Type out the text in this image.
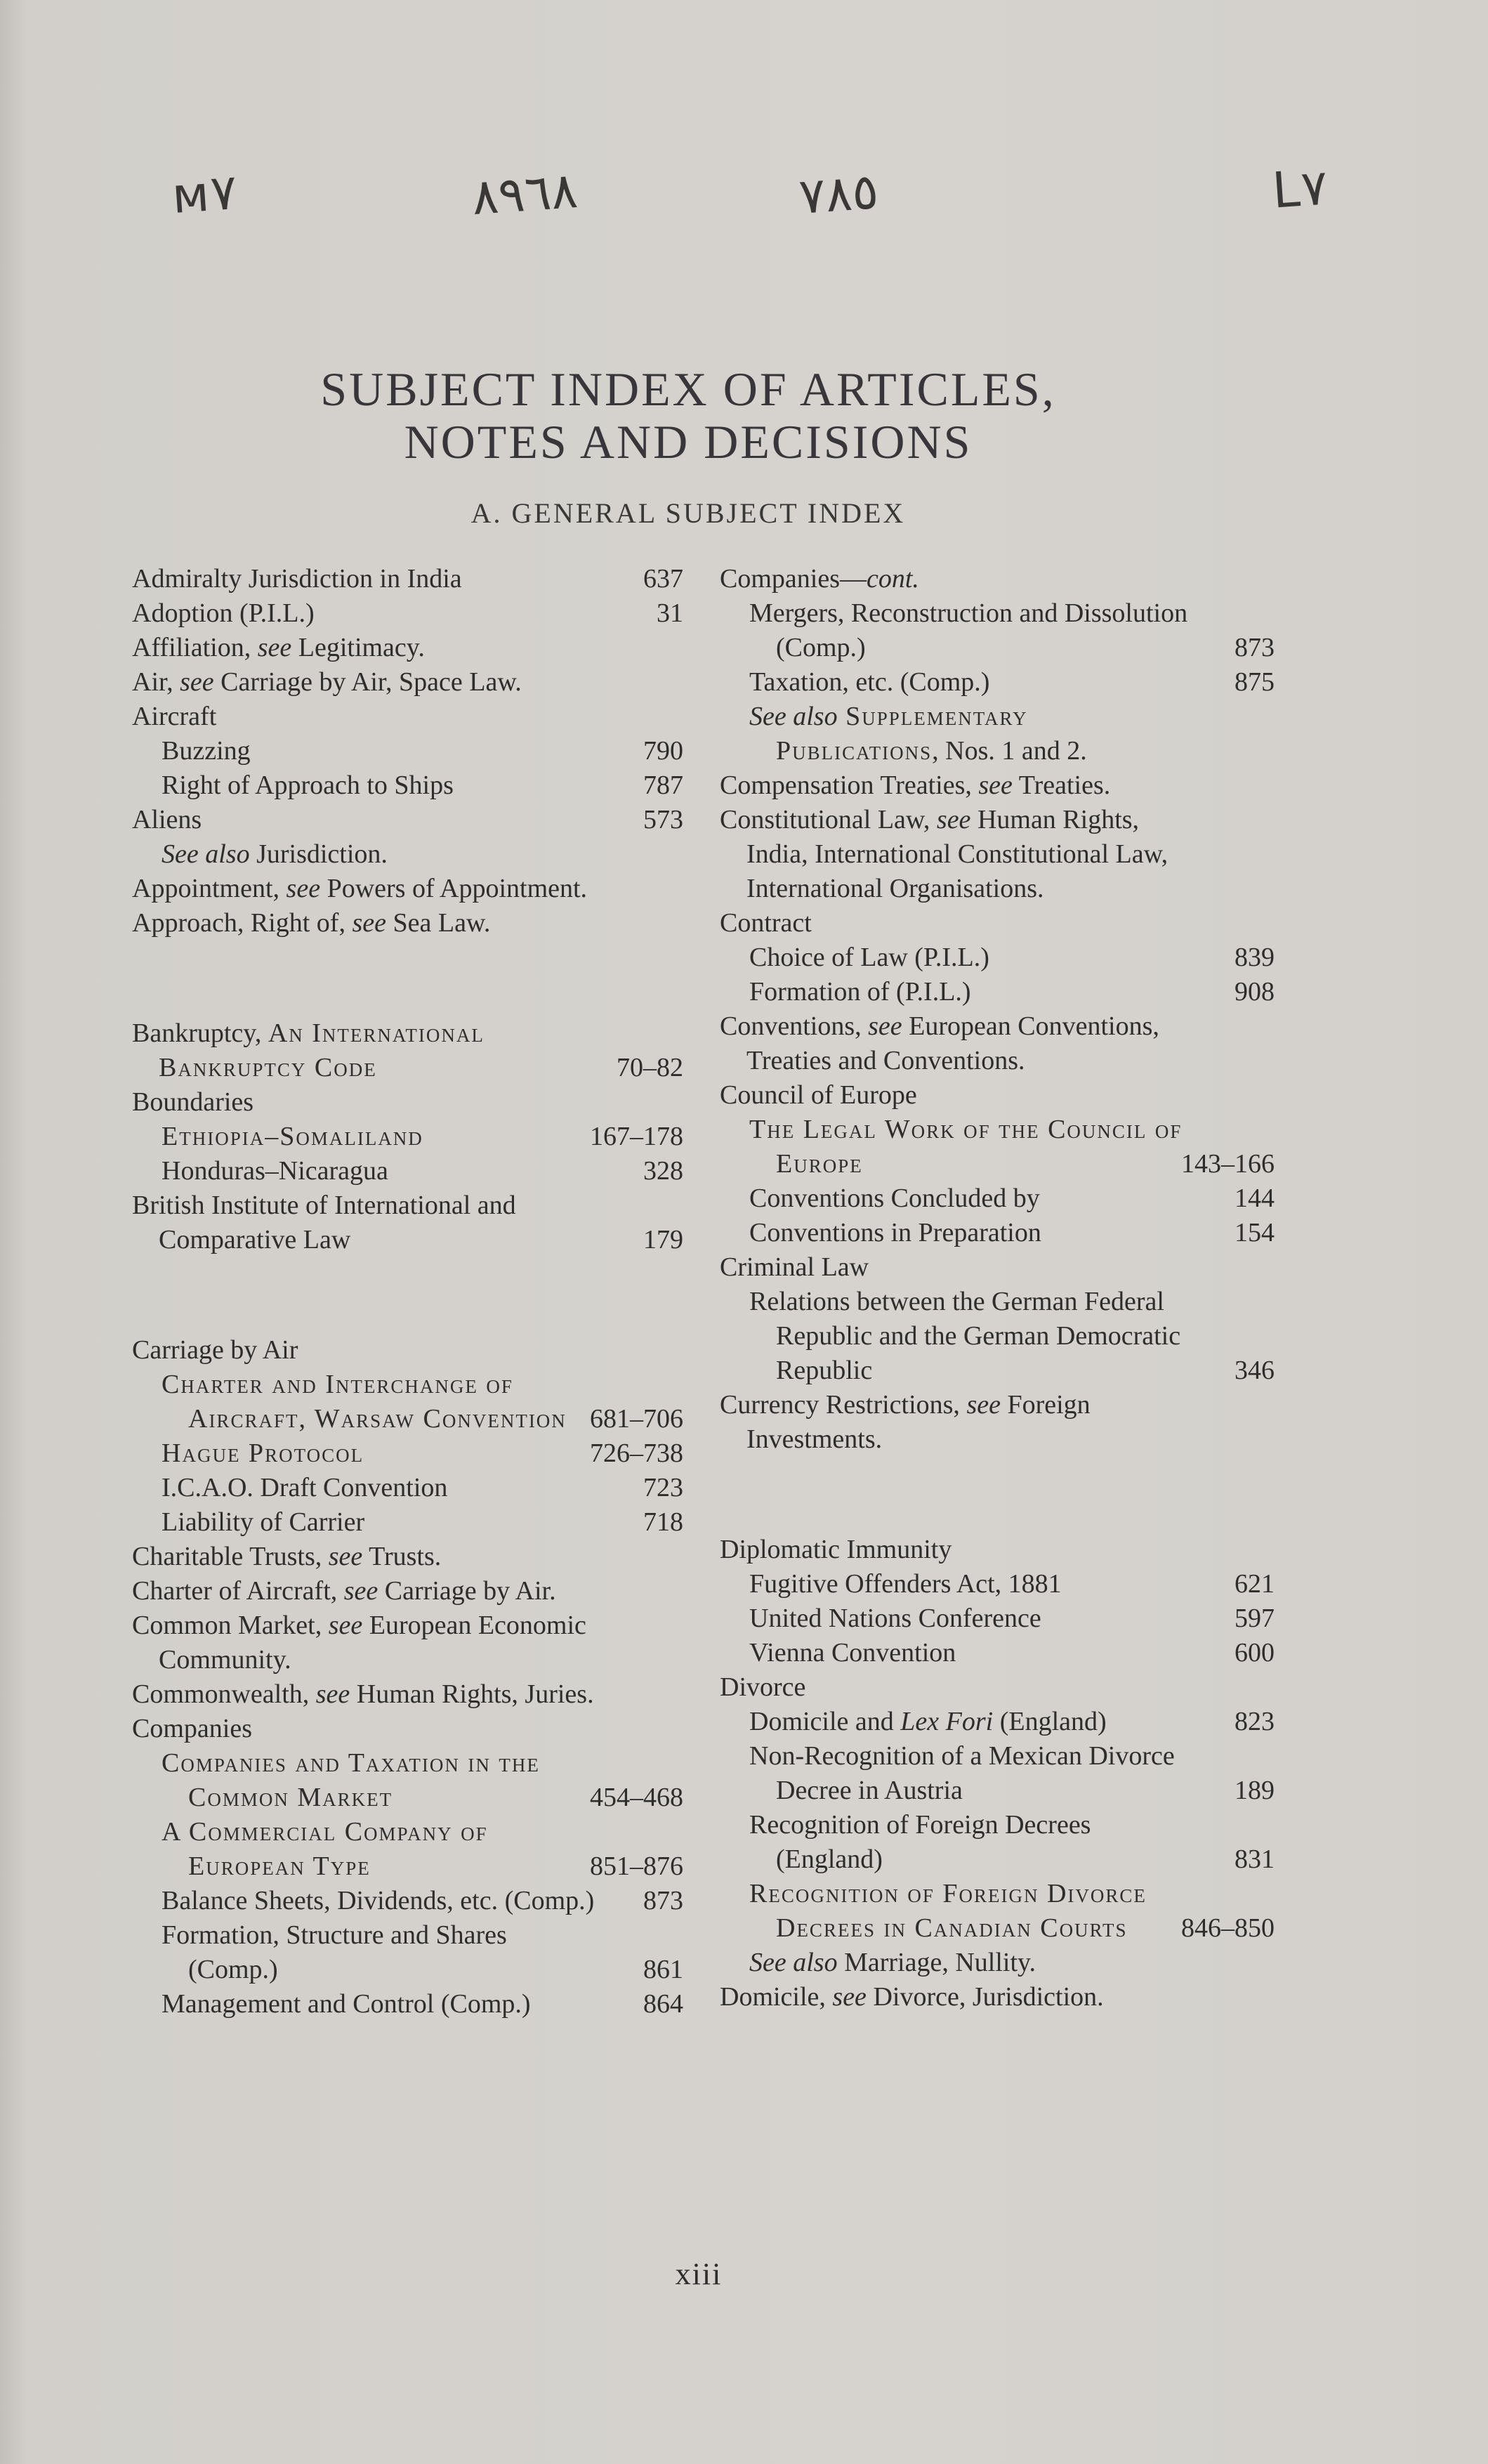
ᴍ٧	٨٩٦٨	٧٨٥	L٧
SUBJECT INDEX OF ARTICLES,
NOTES AND DECISIONS
A. GENERAL SUBJECT INDEX

Admiralty Jurisdiction in India	637

Adoption (P.I.L.)	31

Affiliation, see Legitimacy.

Air, see Carriage by Air, Space Law.

Aircraft

Buzzing	790

Right of Approach to Ships	787

Aliens	573

See also Jurisdiction.

Appointment, see Powers of Appointment.

Approach, Right of, see Sea Law.

Bankruptcy, An International Bankruptcy Code	70–82

Boundaries

Ethiopia–Somaliland	167–178

Honduras–Nicaragua	328

British Institute of International and Comparative Law	179

Carriage by Air

Charter and Interchange of Aircraft, Warsaw Convention 681–706

Hague Protocol	726–738

I.C.A.O. Draft Convention	723

Liability of Carrier	718

Charitable Trusts, see Trusts.

Charter of Aircraft, see Carriage by Air.

Common Market, see European Economic Community.

Commonwealth, see Human Rights, Juries.

Companies

Companies and Taxation in the Common Market	454–468

A Commercial Company of European Type	851–876

Balance Sheets, Dividends, etc. (Comp.)	873

Formation, Structure and Shares (Comp.)	861

Management and Control (Comp.)	864

Companies—cont.

Mergers, Reconstruction and Dissolution (Comp.)	873

Taxation, etc. (Comp.)	875

See also Supplementary Publications, Nos. 1 and 2.

Compensation Treaties, see Treaties.

Constitutional Law, see Human Rights, India, International Constitutional Law, International Organisations.

Contract

Choice of Law (P.I.L.)	839

Formation of (P.I.L.)	908

Conventions, see European Conventions, Treaties and Conventions.

Council of Europe

The Legal Work of the Council of Europe	143–166

Conventions Concluded by	144

Conventions in Preparation	154

Criminal Law

Relations between the German Federal Republic and the German Democratic Republic	346

Currency Restrictions, see Foreign Investments.

Diplomatic Immunity

Fugitive Offenders Act, 1881	621

United Nations Conference	597

Vienna Convention	600

Divorce

Domicile and Lex Fori (England)	823

Non-Recognition of a Mexican Divorce Decree in Austria	189

Recognition of Foreign Decrees (England)	831

Recognition of Foreign Divorce Decrees in Canadian Courts 846–850

See also Marriage, Nullity.

Domicile, see Divorce, Jurisdiction.

xiii
